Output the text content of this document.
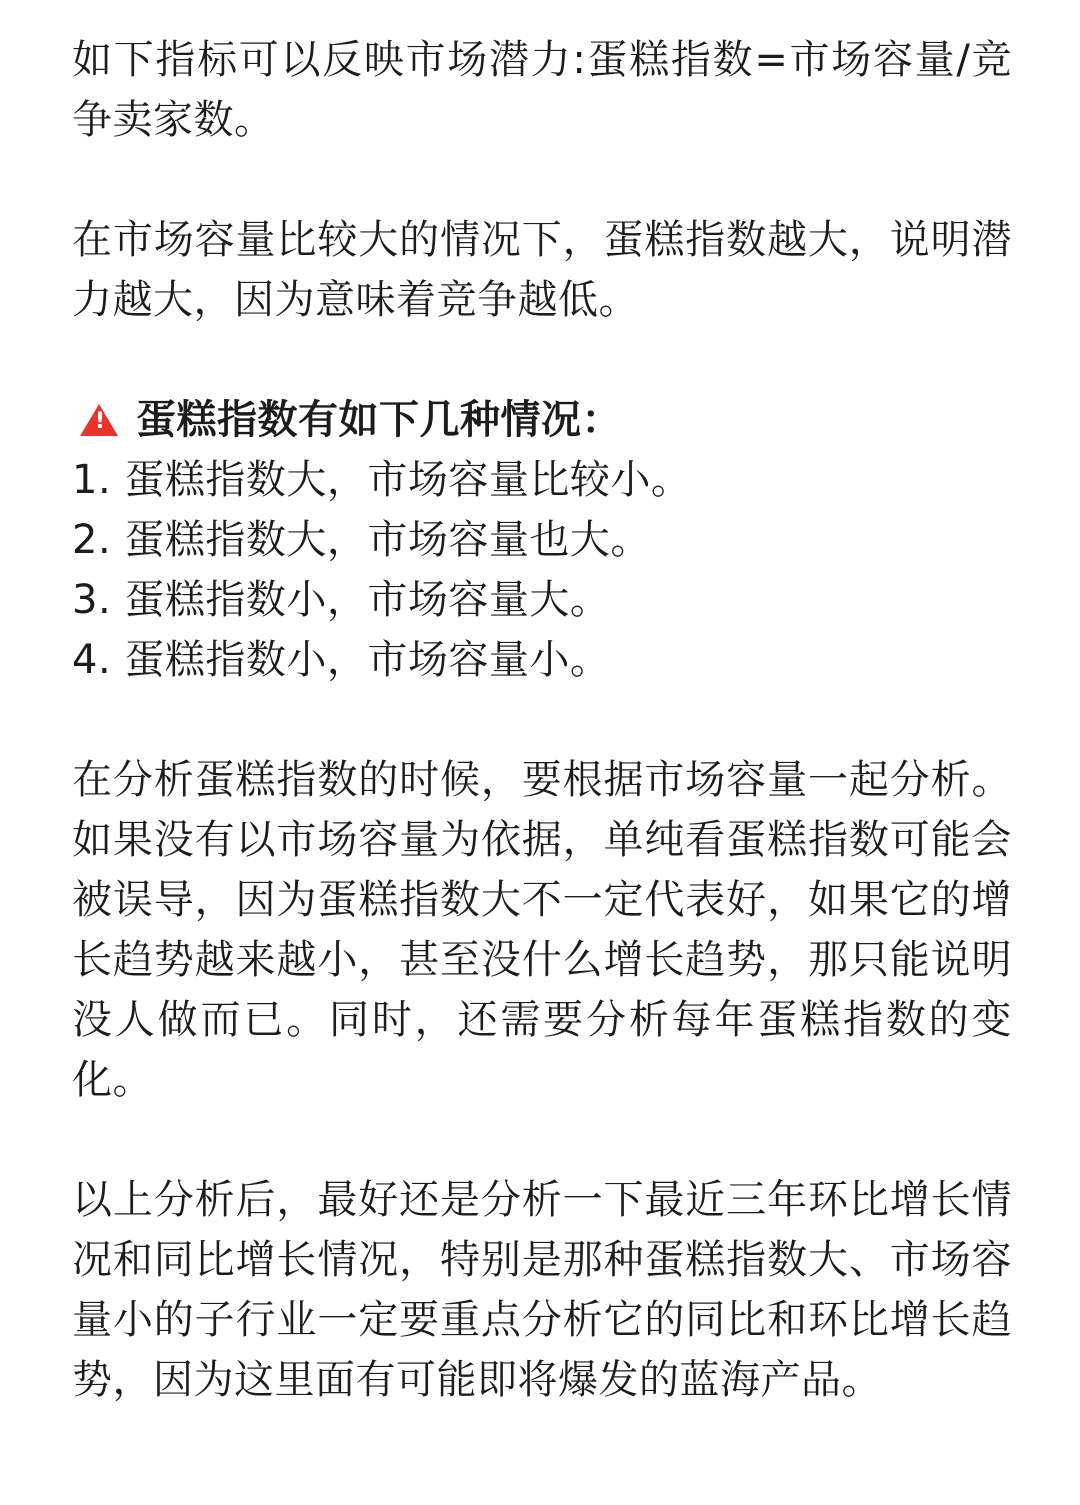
如下指标可以反映市场潜力:蛋糕指数=市场容量/竞争卖家数。

在市场容量比较大的情况下，蛋糕指数越大，说明潜力越大，因为意味着竞争越低。

!
蛋糕指数有如下几种情况：
1. 蛋糕指数大，市场容量比较小。
2. 蛋糕指数大，市场容量也大。
3. 蛋糕指数小，市场容量大。
4. 蛋糕指数小，市场容量小。

在分析蛋糕指数的时候，要根据市场容量一起分析。如果没有以市场容量为依据，单纯看蛋糕指数可能会被误导，因为蛋糕指数大不一定代表好，如果它的增长趋势越来越小，甚至没什么增长趋势，那只能说明没人做而已。同时，还需要分析每年蛋糕指数的变化。

以上分析后，最好还是分析一下最近三年环比增长情况和同比增长情况，特别是那种蛋糕指数大、市场容量小的子行业一定要重点分析它的同比和环比增长趋势，因为这里面有可能即将爆发的蓝海产品。
